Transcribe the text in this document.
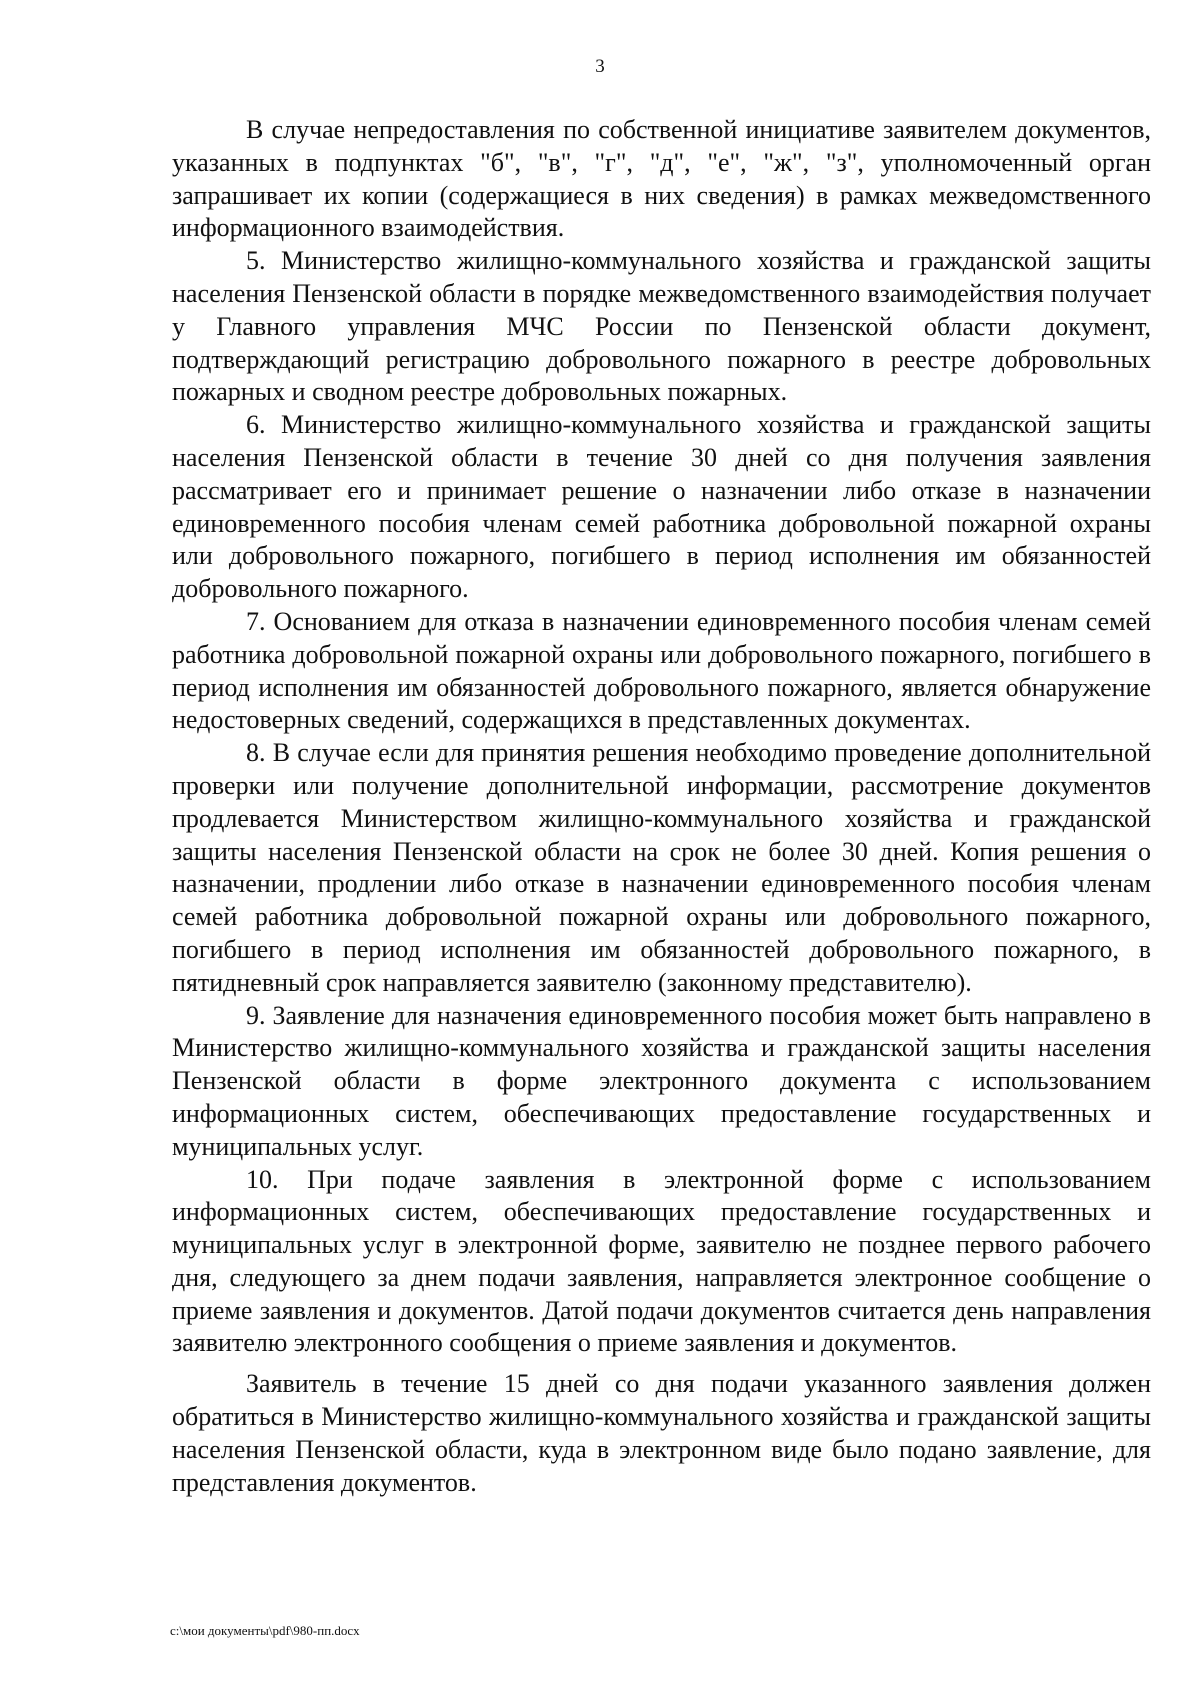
3

В случае непредоставления по собственной инициативе заявителем документов, указанных в подпунктах "б", "в", "г", "д", "е", "ж", "з", уполномоченный орган запрашивает их копии (содержащиеся в них сведения) в рамках межведомственного информационного взаимодействия.

5. Министерство жилищно-коммунального хозяйства и гражданской защиты населения Пензенской области в порядке межведомственного взаимодействия получает у Главного управления МЧС России по Пензенской области документ, подтверждающий регистрацию добровольного пожарного в реестре добровольных пожарных и сводном реестре добровольных пожарных.

6. Министерство жилищно-коммунального хозяйства и гражданской защиты населения Пензенской области в течение 30 дней со дня получения заявления рассматривает его и принимает решение о назначении либо отказе в назначении единовременного пособия членам семей работника добровольной пожарной охраны или добровольного пожарного, погибшего в период исполнения им обязанностей добровольного пожарного.

7. Основанием для отказа в назначении единовременного пособия членам семей работника добровольной пожарной охраны или добровольного пожарного, погибшего в период исполнения им обязанностей добровольного пожарного, является обнаружение недостоверных сведений, содержащихся в представленных документах.

8. В случае если для принятия решения необходимо проведение дополнительной проверки или получение дополнительной информации, рассмотрение документов продлевается Министерством жилищно-коммунального хозяйства и гражданской защиты населения Пензенской области на срок не более 30 дней. Копия решения о назначении, продлении либо отказе в назначении единовременного пособия членам семей работника добровольной пожарной охраны или добровольного пожарного, погибшего в период исполнения им обязанностей добровольного пожарного, в пятидневный срок направляется заявителю (законному представителю).

9. Заявление для назначения единовременного пособия может быть направлено в Министерство жилищно-коммунального хозяйства и гражданской защиты населения Пензенской области в форме электронного документа с использованием информационных систем, обеспечивающих предоставление государственных и муниципальных услуг.

10. При подаче заявления в электронной форме с использованием информационных систем, обеспечивающих предоставление государственных и муниципальных услуг в электронной форме, заявителю не позднее первого рабочего дня, следующего за днем подачи заявления, направляется электронное сообщение о приеме заявления и документов. Датой подачи документов считается день направления заявителю электронного сообщения о приеме заявления и документов.

Заявитель в течение 15 дней со дня подачи указанного заявления должен обратиться в Министерство жилищно-коммунального хозяйства и гражданской защиты населения Пензенской области, куда в электронном виде было подано заявление, для представления документов.

c:\мои документы\pdf\980-пп.docx
